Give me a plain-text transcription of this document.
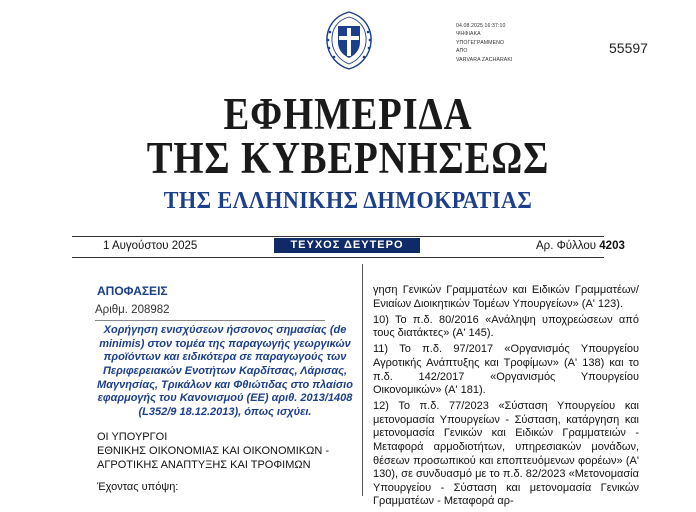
04.08.2025 16:37:10
ΨΗΦΙΑΚΑ
ΥΠΟΓΕΓΡΑΜΜΕΝΟ
ΑΠΟ
VARVARA ZACHARAKI
55597
ΕΦΗΜΕΡΙΔΑ
ΤΗΣ ΚΥΒΕΡΝΗΣΕΩΣ
ΤΗΣ ΕΛΛΗΝΙΚΗΣ ΔΗΜΟΚΡΑΤΙΑΣ
1 Αυγούστου 2025	ΤΕΥΧΟΣ ΔΕΥΤΕΡΟ	Αρ. Φύλλου 4203
ΑΠΟΦΑΣΕΙΣ
Αριθμ. 208982
Χορήγηση ενισχύσεων ήσσονος σημασίας (de minimis) στον τομέα της παραγωγής γεωργικών προϊόντων και ειδικότερα σε παραγωγούς των Περιφερειακών Ενοτήτων Καρδίτσας, Λάρισας, Μαγνησίας, Τρικάλων και Φθιώτιδας στο πλαίσιο εφαρμογής του Κανονισμού (ΕΕ) αριθ. 2013/1408 (L352/9 18.12.2013), όπως ισχύει.
ΟΙ ΥΠΟΥΡΓΟΙ
ΕΘΝΙΚΗΣ ΟΙΚΟΝΟΜΙΑΣ ΚΑΙ ΟΙΚΟΝΟΜΙΚΩΝ -
ΑΓΡΟΤΙΚΗΣ ΑΝΑΠΤΥΞΗΣ ΚΑΙ ΤΡΟΦΙΜΩΝ
Έχοντας υπόψη:

γηση Γενικών Γραμματέων και Ειδικών Γραμματέων/Ενιαίων Διοικητικών Τομέων Υπουργείων» (Α' 123).

10) Το π.δ. 80/2016 «Ανάληψη υποχρεώσεων από τους διατάκτες» (Α' 145).

11) Το π.δ. 97/2017 «Οργανισμός Υπουργείου Αγροτικής Ανάπτυξης και Τροφίμων» (Α' 138) και το π.δ. 142/2017 «Οργανισμός Υπουργείου Οικονομικών» (Α' 181).

12) Το π.δ. 77/2023 «Σύσταση Υπουργείου και μετονομασία Υπουργείων - Σύσταση, κατάργηση και μετονομασία Γενικών και Ειδικών Γραμματειών - Μεταφορά αρμοδιοτήτων, υπηρεσιακών μονάδων, θέσεων προσωπικού και εποπτευόμενων φορέων» (Α' 130), σε συνδυασμό με το π.δ. 82/2023 «Μετονομασία Υπουργείου - Σύσταση και μετονομασία Γενικών Γραμματέων - Μεταφορά αρ-
